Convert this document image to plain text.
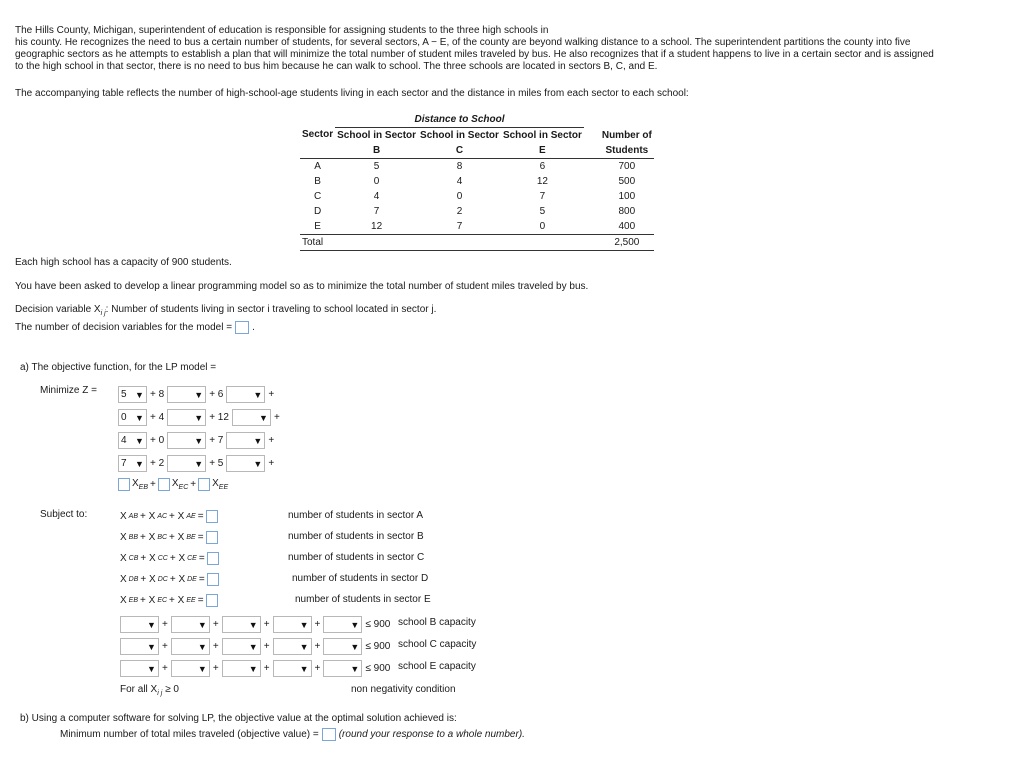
The Hills County, Michigan, superintendent of education is responsible for assigning students to the three high schools in
his county. He recognizes the need to bus a certain number of students, for several sectors, A − E, of the county are beyond walking distance to a school. The superintendent partitions the county into five
geographic sectors as he attempts to establish a plan that will minimize the total number of student miles traveled by bus. He also recognizes that if a student happens to live in a certain sector and is assigned
to the high school in that sector, there is no need to bus him because he can walk to school. The three schools are located in sectors B, C, and E.
The accompanying table reflects the number of high-school-age students living in each sector and the distance in miles from each sector to each school:
	Distance to School			
Sector	School in Sector	School in Sector	School in Sector	Number of
	B	C	E	Students
A	5	8	6	700
B	0	4	12	500
C	4	0	7	100
D	7	2	5	800
E	12	7	0	400
Total				2,500
Each high school has a capacity of 900 students.
You have been asked to develop a linear programming model so as to minimize the total number of student miles traveled by bus.
Decision variable $X_{i j}$: Number of students living in sector i traveling to school located in sector j.
The number of decision variables for the model = .
a) The objective function, for the LP model =
Minimize Z = 5 ▼ + 8	▼ + 6	▼ +
0 ▼ + 4	▼ + 12	▼ +
4 ▼ + 0	▼ + 7	▼ +
7 ▼ + 2	▼ + 5	▼ +
$X_{EB} + X_{EC} + X_{EE}$
Subject to:	X AB + X AC + X AE =	number of students in sector A
X BB + X BC + X BE =	number of students in sector B
X CB + X CC + X CE =	number of students in sector C
X DB + X DC + X DE =	number of students in sector D
X EB + X EC + X EE =	number of students in sector E
▼ +	▼ +	▼ +	▼ +	▼ ≤ 900 school B capacity
▼ +	▼ +	▼ +	▼ +	▼ ≤ 900 school C capacity
▼ +	▼ +	▼ +	▼ +	▼ ≤ 900 school E capacity
For all $X_{i j} \ge 0$	non negativity condition
b) Using a computer software for solving LP, the objective value at the optimal solution achieved is:
Minimum number of total miles traveled (objective value) = (round your response to a whole number).
